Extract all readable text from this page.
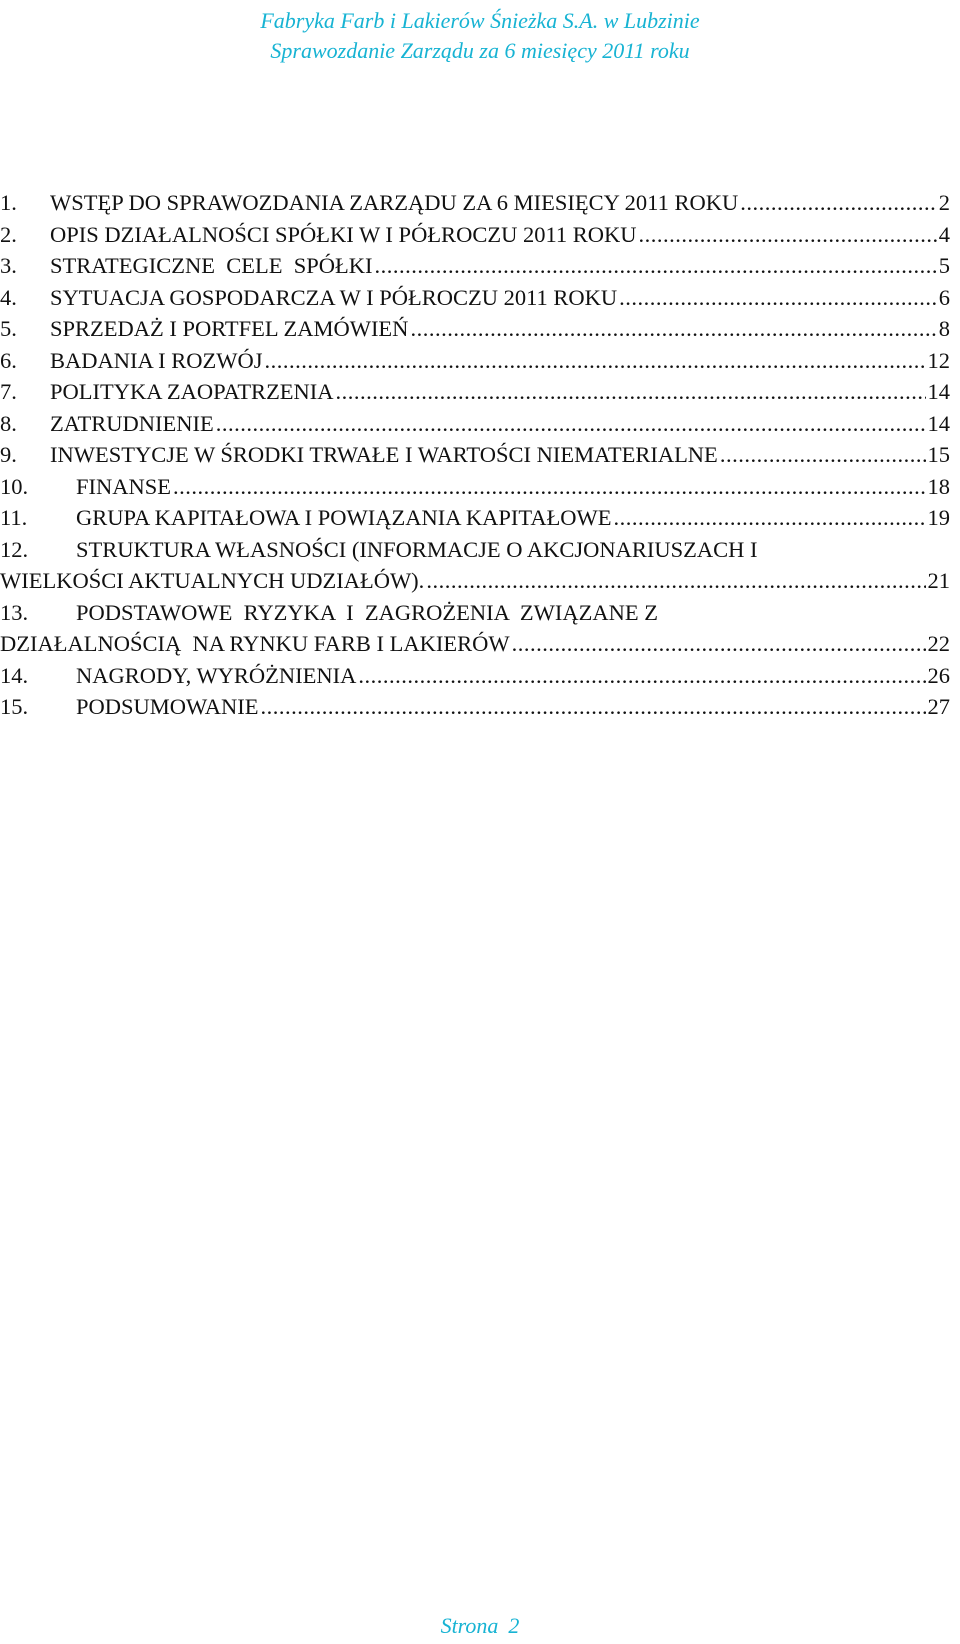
Fabryka Farb i Lakierów Śnieżka S.A. w Lubzinie
Sprawozdanie Zarządu za 6 miesięcy 2011 roku
1.	WSTĘP DO SPRAWOZDANIA ZARZĄDU ZA 6 MIESIĘCY 2011 ROKU .....	2
2.	OPIS DZIAŁALNOŚCI SPÓŁKI W I PÓŁROCZU 2011 ROKU .....	4
3.	STRATEGICZNE  CELE  SPÓŁKI .....	5
4.	SYTUACJA GOSPODARCZA W I PÓŁROCZU 2011 ROKU .....	6
5.	SPRZEDAŻ I PORTFEL ZAMÓWIEŃ .....	8
6.	BADANIA I ROZWÓJ .....	12
7.	POLITYKA ZAOPATRZENIA .....	14
8.	ZATRUDNIENIE .....	14
9.	INWESTYCJE W ŚRODKI TRWAŁE I WARTOŚCI NIEMATERIALNE .....	15
10.	FINANSE .....	18
11.	GRUPA KAPITAŁOWA I POWIĄZANIA KAPITAŁOWE .....	19
12.	STRUKTURA WŁASNOŚCI (INFORMACJE O AKCJONARIUSZACH I
WIELKOŚCI AKTUALNYCH UDZIAŁÓW). .....	21
13.	PODSTAWOWE  RYZYKA  I  ZAGROŻENIA  ZWIĄZANE Z
DZIAŁALNOŚCIĄ  NA RYNKU FARB I LAKIERÓW .....	22
14.	NAGRODY, WYRÓŻNIENIA .....	26
15.	PODSUMOWANIE .....	27
Strona 2
